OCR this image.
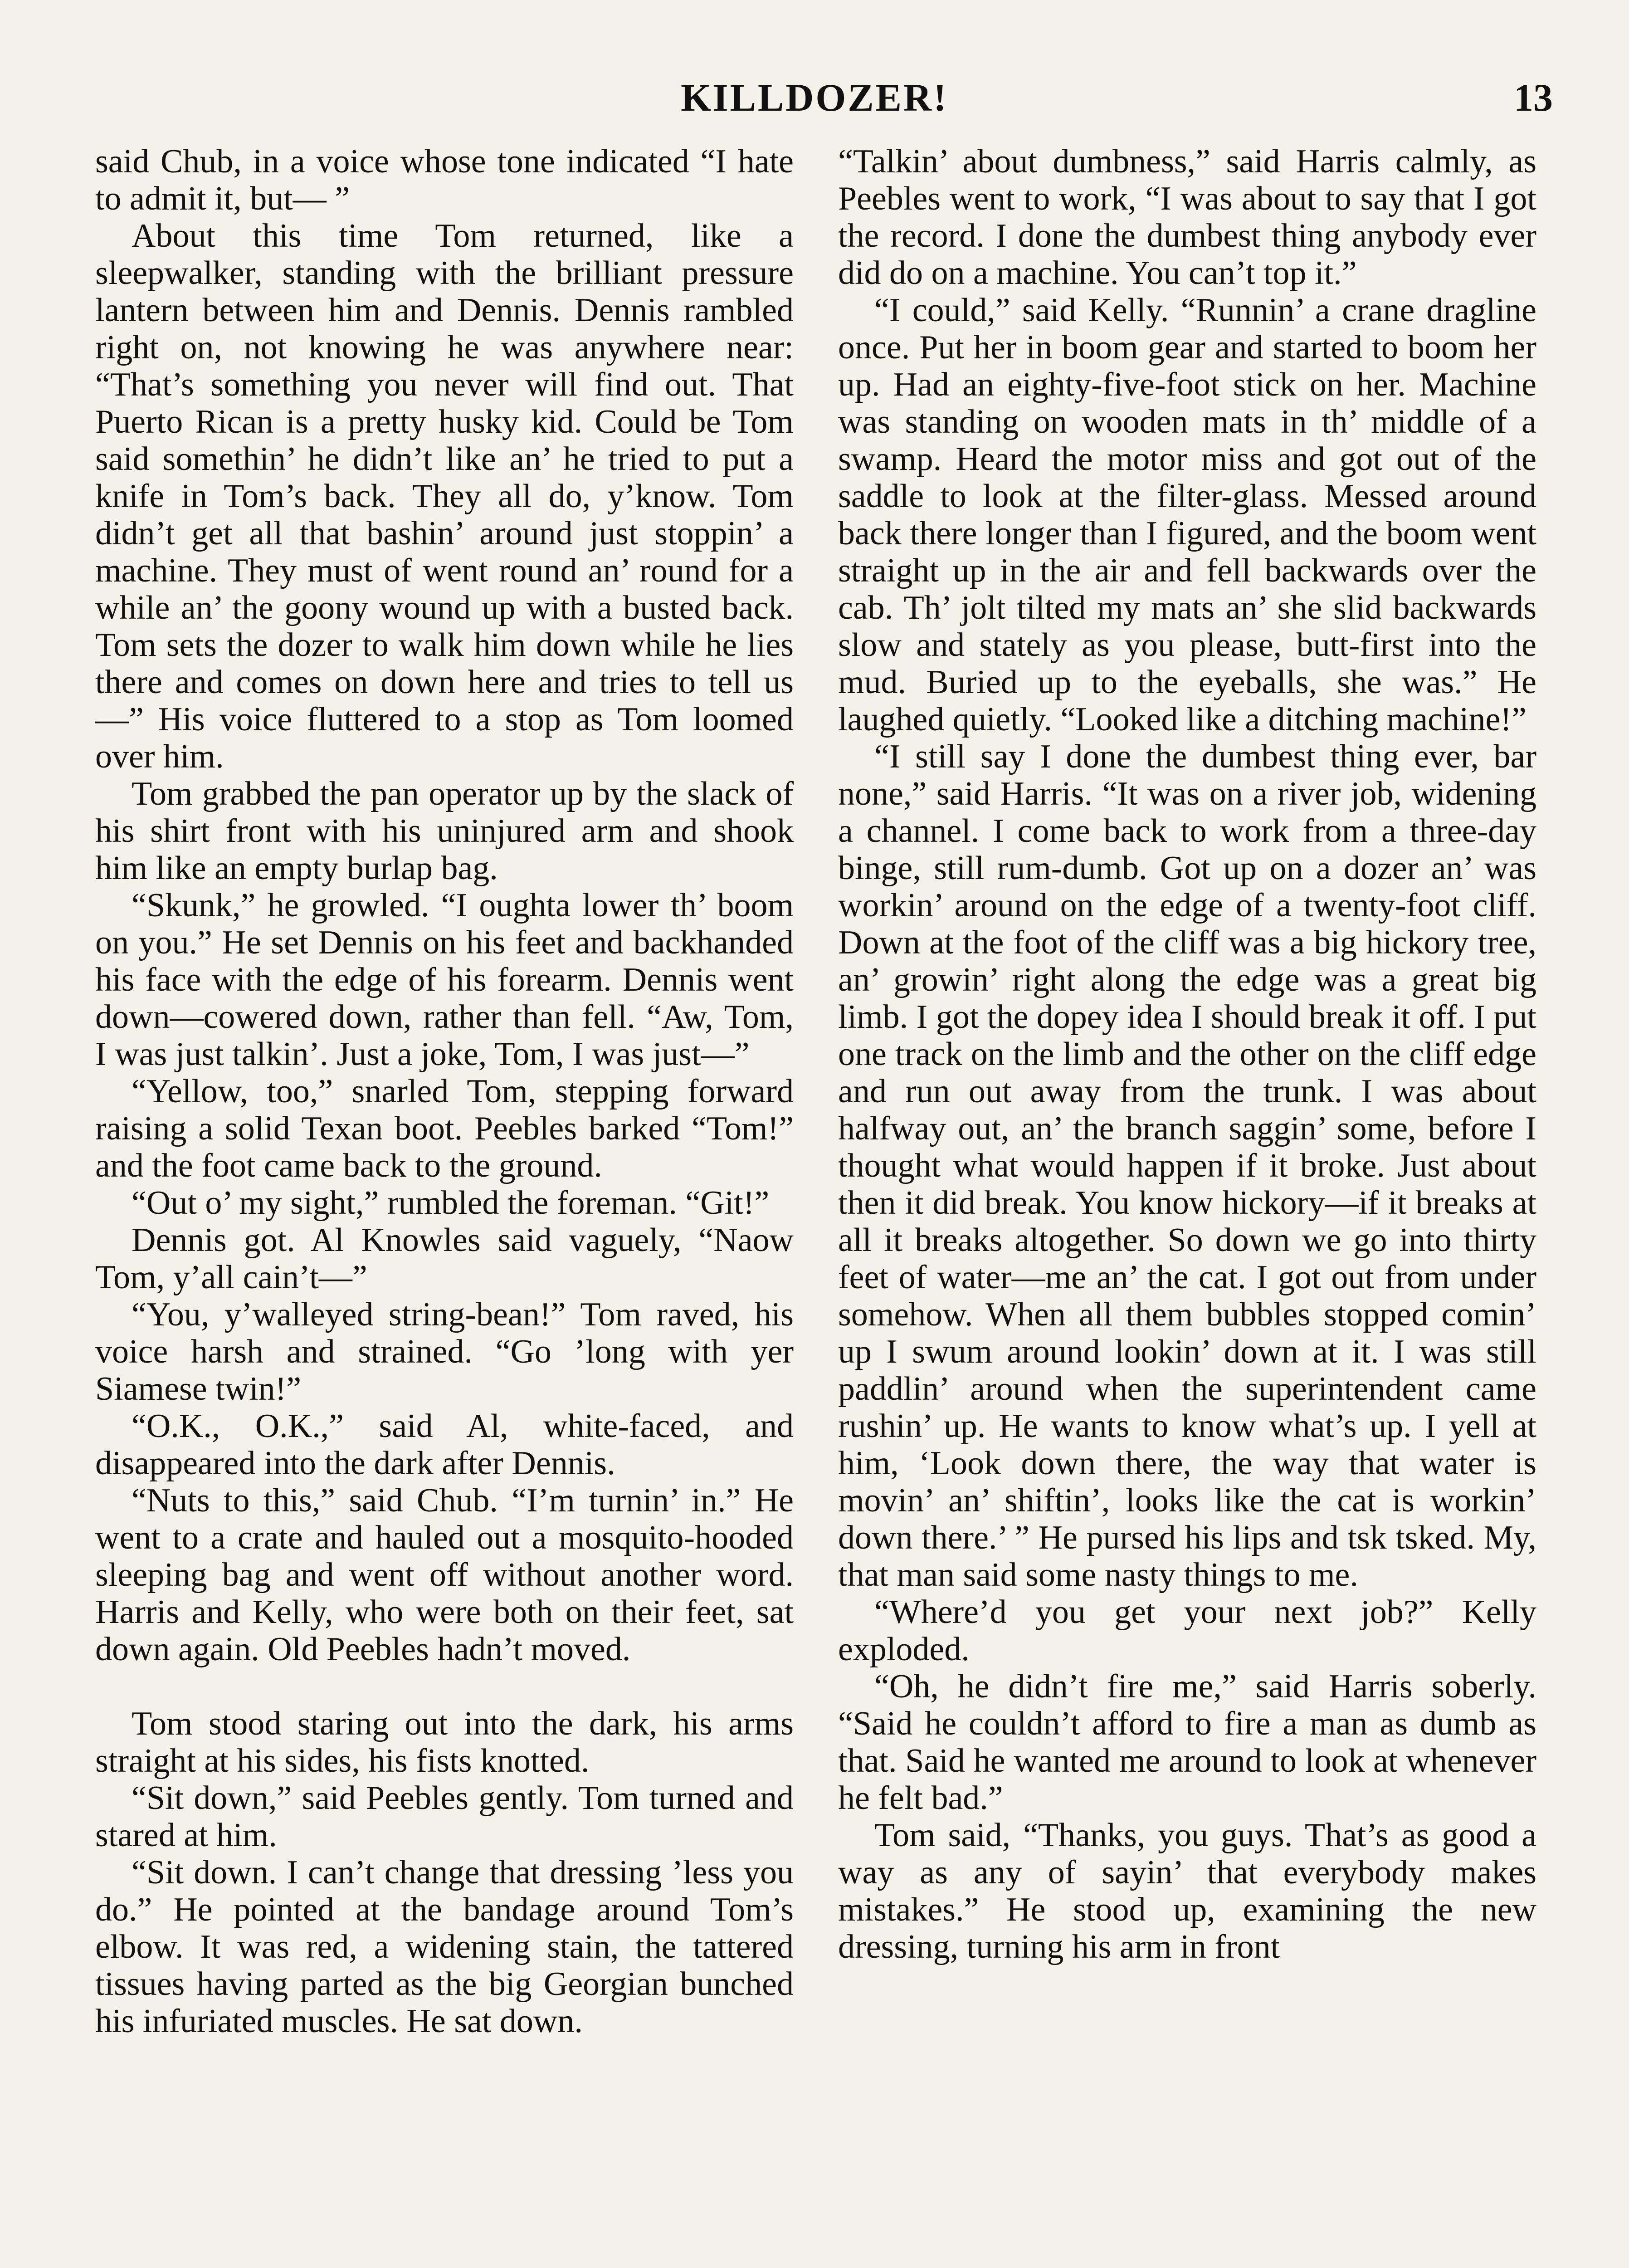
KILLDOZER!	13

said Chub, in a voice whose tone indicated “I hate to admit it, but— ”

About this time Tom returned, like a sleepwalker, standing with the brilliant pressure lantern between him and Dennis. Dennis rambled right on, not knowing he was anywhere near: “That’s something you never will find out. That Puerto Rican is a pretty husky kid. Could be Tom said somethin’ he didn’t like an’ he tried to put a knife in Tom’s back. They all do, y’know. Tom didn’t get all that bashin’ around just stoppin’ a machine. They must of went round an’ round for a while an’ the goony wound up with a busted back. Tom sets the dozer to walk him down while he lies there and comes on down here and tries to tell us—” His voice fluttered to a stop as Tom loomed over him.

Tom grabbed the pan operator up by the slack of his shirt front with his uninjured arm and shook him like an empty burlap bag.

“Skunk,” he growled. “I oughta lower th’ boom on you.” He set Dennis on his feet and backhanded his face with the edge of his forearm. Dennis went down—cowered down, rather than fell. “Aw, Tom, I was just talkin’. Just a joke, Tom, I was just—”

“Yellow, too,” snarled Tom, stepping forward raising a solid Texan boot. Peebles barked “Tom!” and the foot came back to the ground.

“Out o’ my sight,” rumbled the foreman. “Git!”

Dennis got. Al Knowles said vaguely, “Naow Tom, y’all cain’t—”

“You, y’walleyed string-bean!” Tom raved, his voice harsh and strained. “Go ’long with yer Siamese twin!”

“O.K., O.K.,” said Al, white-faced, and disappeared into the dark after Dennis.

“Nuts to this,” said Chub. “I’m turnin’ in.” He went to a crate and hauled out a mosquito-hooded sleeping bag and went off without another word. Harris and Kelly, who were both on their feet, sat down again. Old Peebles hadn’t moved.

Tom stood staring out into the dark, his arms straight at his sides, his fists knotted.

“Sit down,” said Peebles gently. Tom turned and stared at him.

“Sit down. I can’t change that dressing ’less you do.” He pointed at the bandage around Tom’s elbow. It was red, a widening stain, the tattered tissues having parted as the big Georgian bunched his infuriated muscles. He sat down.

“Talkin’ about dumbness,” said Harris calmly, as Peebles went to work, “I was about to say that I got the record. I done the dumbest thing anybody ever did do on a machine. You can’t top it.”

“I could,” said Kelly. “Runnin’ a crane dragline once. Put her in boom gear and started to boom her up. Had an eighty-five-foot stick on her. Machine was standing on wooden mats in th’ middle of a swamp. Heard the motor miss and got out of the saddle to look at the filter-glass. Messed around back there longer than I figured, and the boom went straight up in the air and fell backwards over the cab. Th’ jolt tilted my mats an’ she slid backwards slow and stately as you please, butt-first into the mud. Buried up to the eyeballs, she was.” He laughed quietly. “Looked like a ditching machine!”

“I still say I done the dumbest thing ever, bar none,” said Harris. “It was on a river job, widening a channel. I come back to work from a three-day binge, still rum-dumb. Got up on a dozer an’ was workin’ around on the edge of a twenty-foot cliff. Down at the foot of the cliff was a big hickory tree, an’ growin’ right along the edge was a great big limb. I got the dopey idea I should break it off. I put one track on the limb and the other on the cliff edge and run out away from the trunk. I was about halfway out, an’ the branch saggin’ some, before I thought what would happen if it broke. Just about then it did break. You know hickory—if it breaks at all it breaks altogether. So down we go into thirty feet of water—me an’ the cat. I got out from under somehow. When all them bubbles stopped comin’ up I swum around lookin’ down at it. I was still paddlin’ around when the superintendent came rushin’ up. He wants to know what’s up. I yell at him, ‘Look down there, the way that water is movin’ an’ shiftin’, looks like the cat is workin’ down there.’ ” He pursed his lips and tsk tsked. My, that man said some nasty things to me.

“Where’d you get your next job?” Kelly exploded.

“Oh, he didn’t fire me,” said Harris soberly. “Said he couldn’t afford to fire a man as dumb as that. Said he wanted me around to look at whenever he felt bad.”

Tom said, “Thanks, you guys. That’s as good a way as any of sayin’ that everybody makes mistakes.” He stood up, examining the new dressing, turning his arm in front
